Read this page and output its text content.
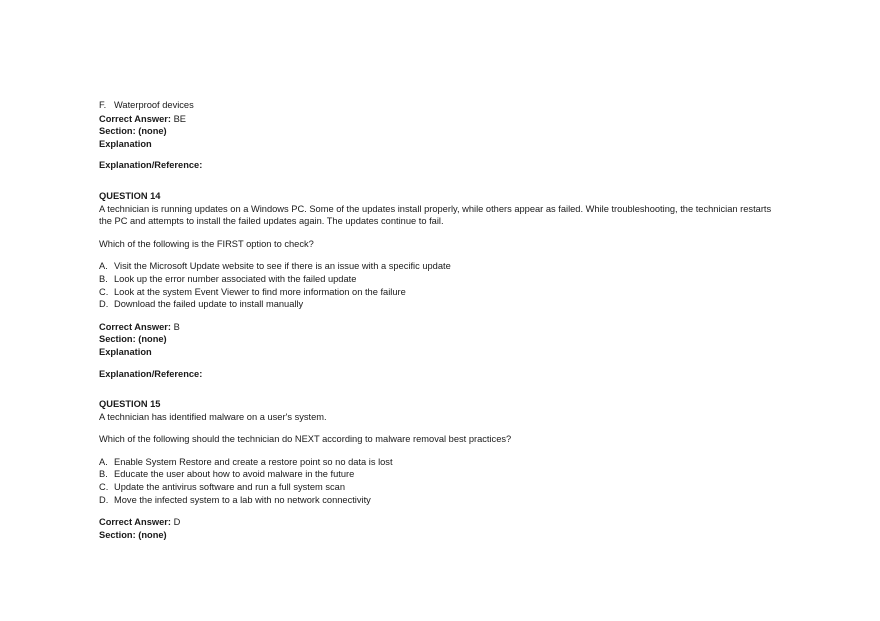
F. Waterproof devices
Correct Answer: BE
Section: (none)
Explanation
Explanation/Reference:
QUESTION 14
A technician is running updates on a Windows PC. Some of the updates install properly, while others appear as failed. While troubleshooting, the technician restarts the PC and attempts to install the failed updates again. The updates continue to fail.
Which of the following is the FIRST option to check?
A. Visit the Microsoft Update website to see if there is an issue with a specific update
B. Look up the error number associated with the failed update
C. Look at the system Event Viewer to find more information on the failure
D. Download the failed update to install manually
Correct Answer: B
Section: (none)
Explanation
Explanation/Reference:
QUESTION 15
A technician has identified malware on a user's system.
Which of the following should the technician do NEXT according to malware removal best practices?
A. Enable System Restore and create a restore point so no data is lost
B. Educate the user about how to avoid malware in the future
C. Update the antivirus software and run a full system scan
D. Move the infected system to a lab with no network connectivity
Correct Answer: D
Section: (none)
